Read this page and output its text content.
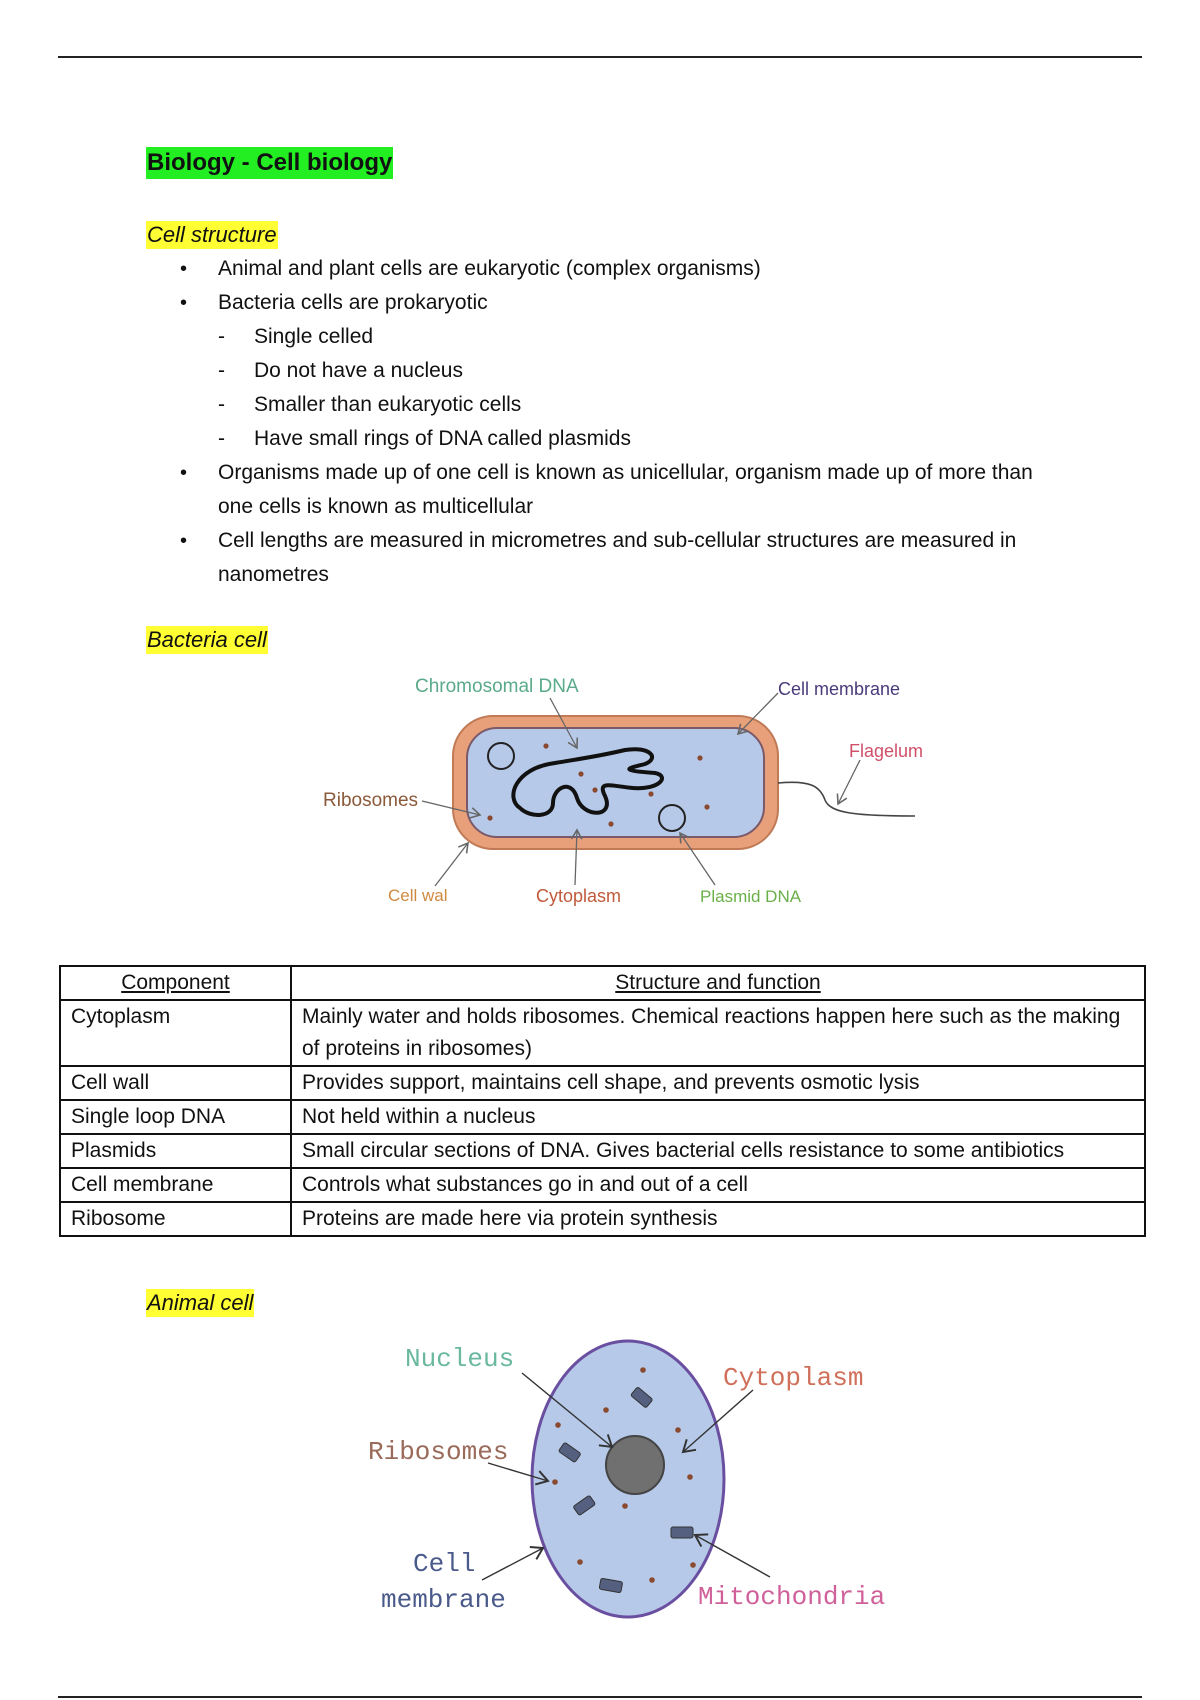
Biology - Cell biology
Cell structure
• Animal and plant cells are eukaryotic (complex organisms)
• Bacteria cells are prokaryotic
- Single celled
- Do not have a nucleus
- Smaller than eukaryotic cells
- Have small rings of DNA called plasmids
• Organisms made up of one cell is known as unicellular, organism made up of more than one cells is known as multicellular
• Cell lengths are measured in micrometres and sub-cellular structures are measured in nanometres
Bacteria cell
Chromosomal DNA	Cell membrane
Flagelum
Ribosomes
Cell wal	Cytoplasm	Plasmid DNA
Component	Structure and function
Cytoplasm	Mainly water and holds ribosomes. Chemical reactions happen here such as the making of proteins in ribosomes)
Cell wall	Provides support, maintains cell shape, and prevents osmotic lysis
Single loop DNA	Not held within a nucleus
Plasmids	Small circular sections of DNA. Gives bacterial cells resistance to some antibiotics
Cell membrane	Controls what substances go in and out of a cell
Ribosome	Proteins are made here via protein synthesis
Animal cell
Nucleus
Cytoplasm
Ribosomes
Cell
membrane	Mitochondria
